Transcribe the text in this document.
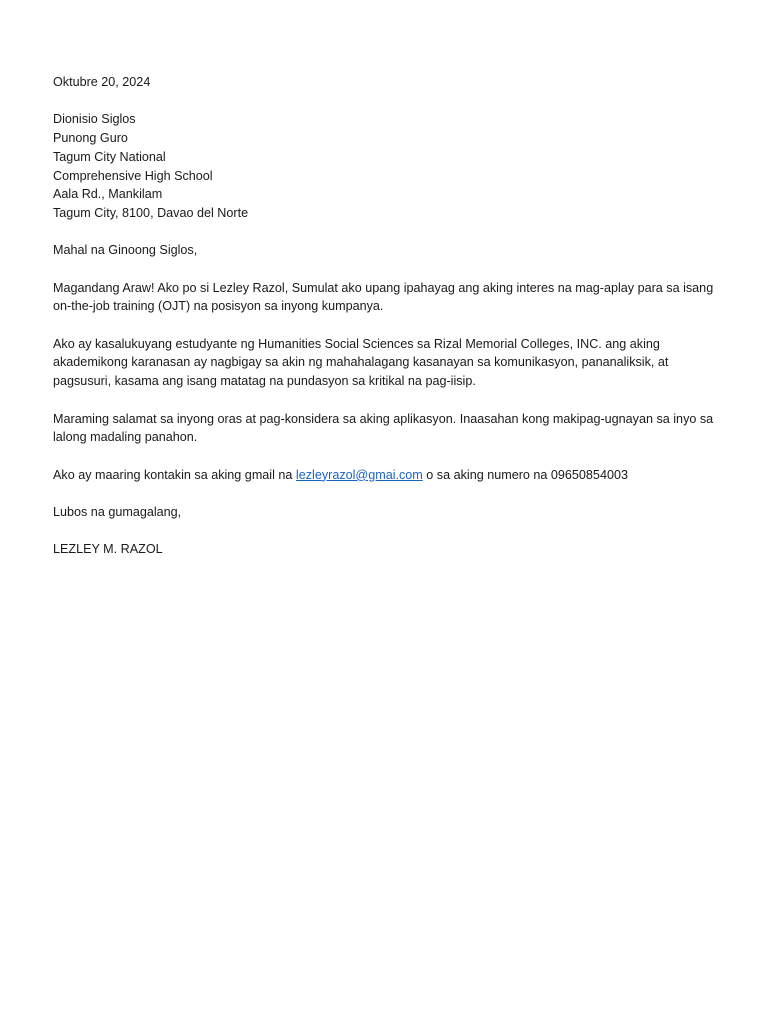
Oktubre 20, 2024
Dionisio Siglos
Punong Guro
Tagum City National
Comprehensive High School
Aala Rd., Mankilam
Tagum City, 8100, Davao del Norte

Mahal na Ginoong Siglos,

Magandang Araw! Ako po si Lezley Razol, Sumulat ako upang ipahayag ang aking interes na mag-aplay para sa isang on-the-job training (OJT) na posisyon sa inyong kumpanya.

Ako ay kasalukuyang estudyante ng Humanities Social Sciences sa Rizal Memorial Colleges, INC. ang aking akademikong karanasan ay nagbigay sa akin ng mahahalagang kasanayan sa komunikasyon, pananaliksik, at pagsusuri, kasama ang isang matatag na pundasyon sa kritikal na pag-iisip.

Maraming salamat sa inyong oras at pag-konsidera sa aking aplikasyon. Inaasahan kong makipag-ugnayan sa inyo sa lalong madaling panahon.

Ako ay maaring kontakin sa aking gmail na lezleyrazol@gmai.com o sa aking numero na 09650854003

Lubos na gumagalang,

LEZLEY M. RAZOL
